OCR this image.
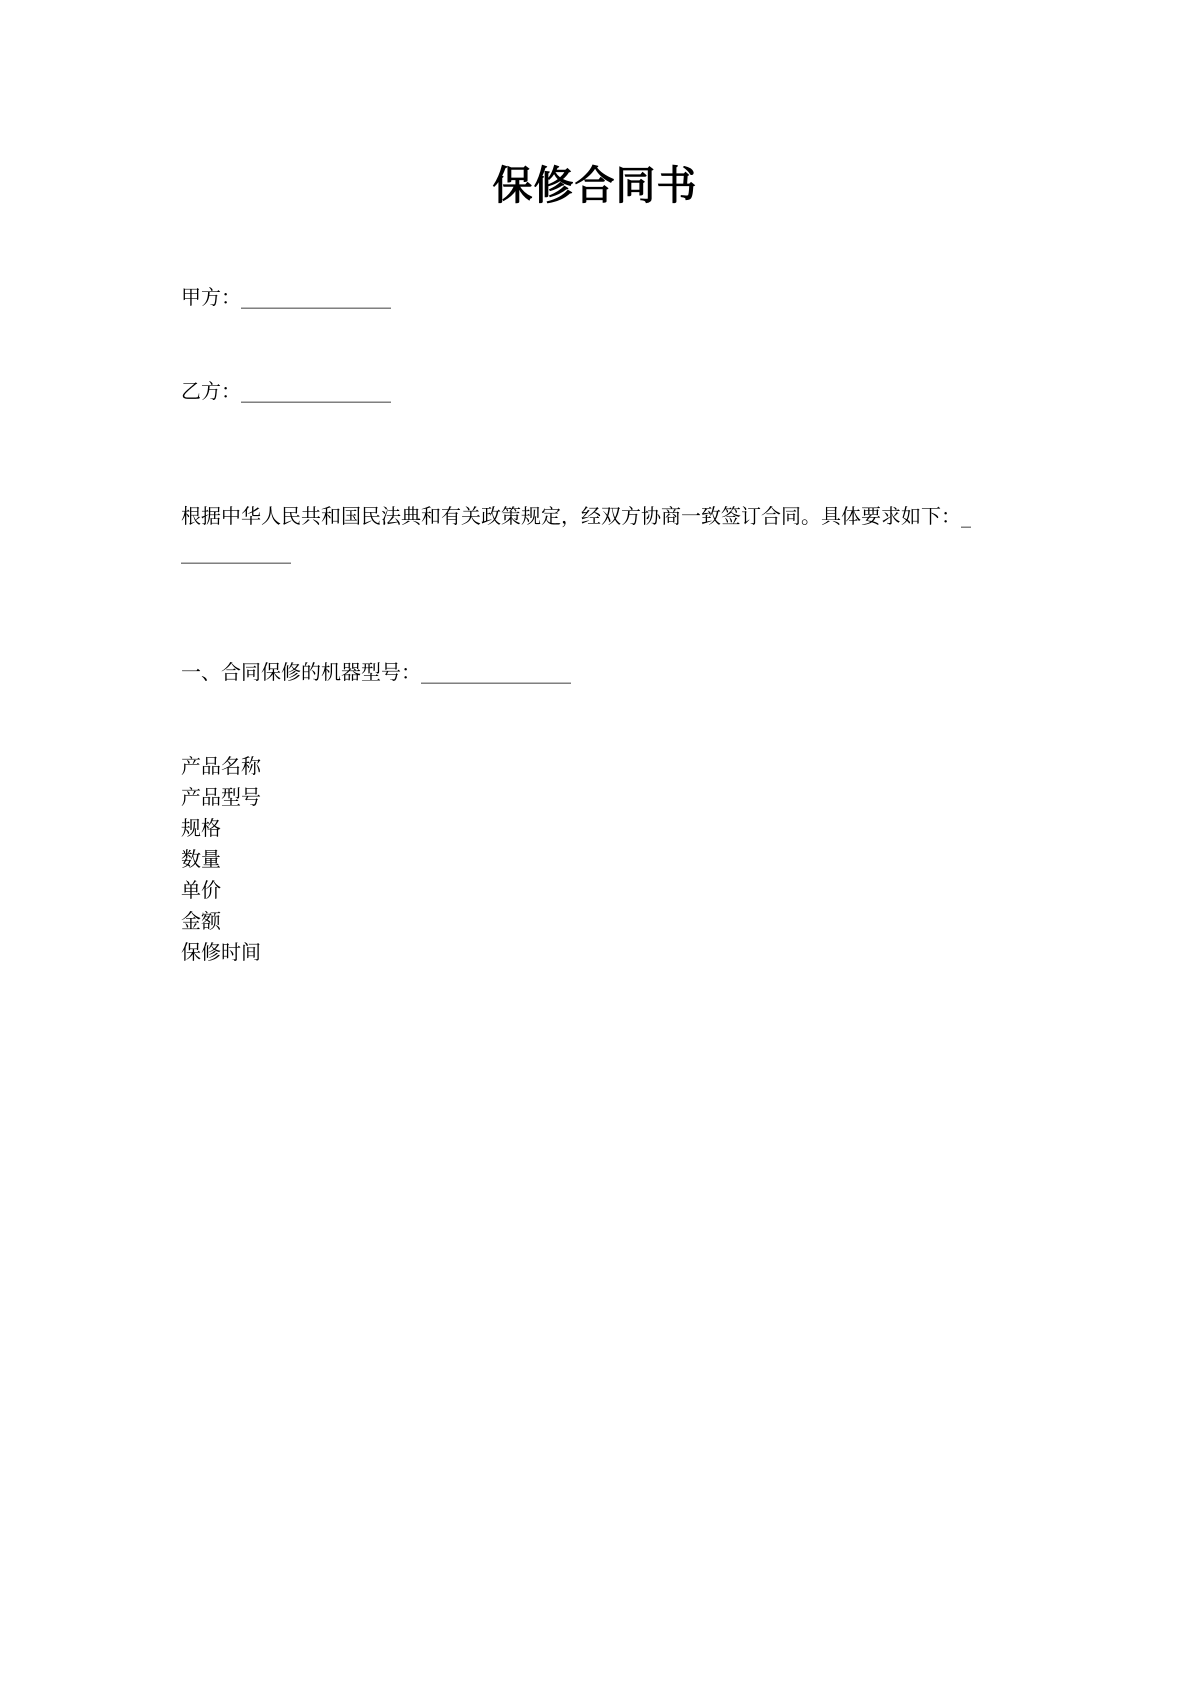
保修合同书
甲方：_______________
乙方：_______________
根据中华人民共和国民法典和有关政策规定，经双方协商一致签订合同。具体要求如下：_
___________
一、合同保修的机器型号：_______________
产品名称
产品型号
规格
数量
单价
金额
保修时间
